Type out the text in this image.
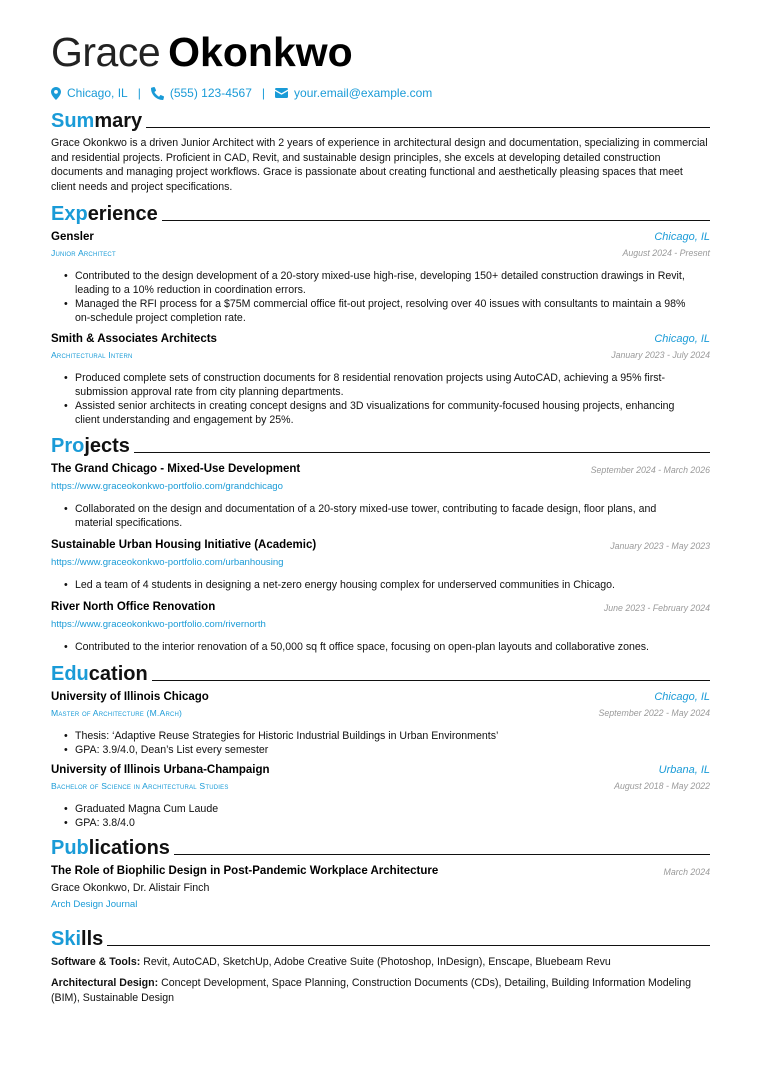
Grace Okonkwo
Chicago, IL | (555) 123-4567 | your.email@example.com
Summary
Grace Okonkwo is a driven Junior Architect with 2 years of experience in architectural design and documentation, specializing in commercial and residential projects. Proficient in CAD, Revit, and sustainable design principles, she excels at developing detailed construction documents and managing project workflows. Grace is passionate about creating functional and aesthetically pleasing spaces that meet client needs and project specifications.
Experience
Gensler	Chicago, IL
Junior Architect	August 2024 - Present
• Contributed to the design development of a 20-story mixed-use high-rise, developing 150+ detailed construction drawings in Revit, leading to a 10% reduction in coordination errors.
• Managed the RFI process for a $75M commercial office fit-out project, resolving over 40 issues with consultants to maintain a 98% on-schedule project completion rate.
Smith & Associates Architects	Chicago, IL
Architectural Intern	January 2023 - July 2024
• Produced complete sets of construction documents for 8 residential renovation projects using AutoCAD, achieving a 95% first-submission approval rate from city planning departments.
• Assisted senior architects in creating concept designs and 3D visualizations for community-focused housing projects, enhancing client understanding and engagement by 25%.
Projects
The Grand Chicago - Mixed-Use Development	September 2024 - March 2026
https://www.graceokonkwo-portfolio.com/grandchicago
• Collaborated on the design and documentation of a 20-story mixed-use tower, contributing to facade design, floor plans, and material specifications.
Sustainable Urban Housing Initiative (Academic)	January 2023 - May 2023
https://www.graceokonkwo-portfolio.com/urbanhousing
• Led a team of 4 students in designing a net-zero energy housing complex for underserved communities in Chicago.
River North Office Renovation	June 2023 - February 2024
https://www.graceokonkwo-portfolio.com/rivernorth
• Contributed to the interior renovation of a 50,000 sq ft office space, focusing on open-plan layouts and collaborative zones.
Education
University of Illinois Chicago	Chicago, IL
Master of Architecture (M.Arch)	September 2022 - May 2024
• Thesis: ‘Adaptive Reuse Strategies for Historic Industrial Buildings in Urban Environments’
• GPA: 3.9/4.0, Dean’s List every semester
University of Illinois Urbana-Champaign	Urbana, IL
Bachelor of Science in Architectural Studies	August 2018 - May 2022
• Graduated Magna Cum Laude
• GPA: 3.8/4.0
Publications
The Role of Biophilic Design in Post-Pandemic Workplace Architecture	March 2024
Grace Okonkwo, Dr. Alistair Finch
Arch Design Journal
Skills
Software & Tools: Revit, AutoCAD, SketchUp, Adobe Creative Suite (Photoshop, InDesign), Enscape, Bluebeam Revu
Architectural Design: Concept Development, Space Planning, Construction Documents (CDs), Detailing, Building Information Modeling (BIM), Sustainable Design
